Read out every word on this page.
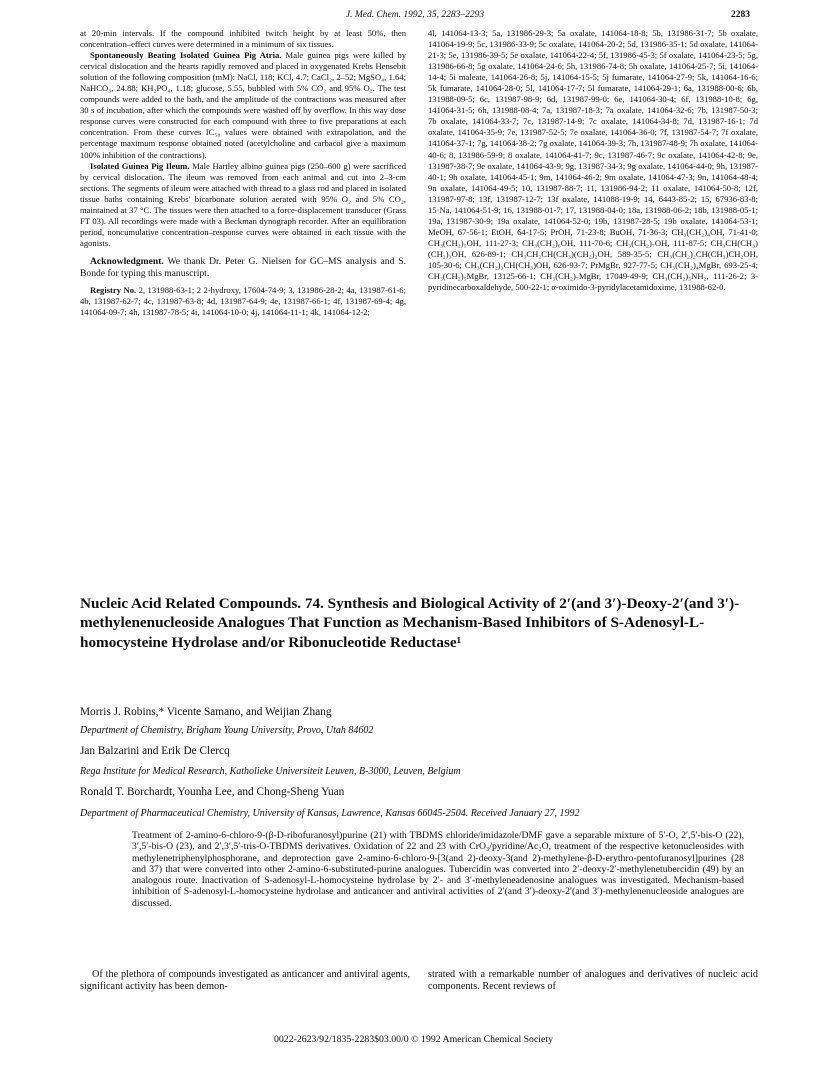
J. Med. Chem. 1992, 35, 2283–2293	2283

at 20-min intervals. If the compound inhibited twitch height by at least 50%, then concentration–effect curves were determined in a minimum of six tissues.

Spontaneously Beating Isolated Guinea Pig Atria. Male guinea pigs were killed by cervical dislocation and the hearts rapidly removed and placed in oxygenated Krebs Hensebit solution of the following composition (mM): NaCl, 118; KCl, 4.7; CaCl₂, 2–52; MgSO₄, 1.64; NaHCO₃, 24.88; KH₂PO₄, 1.18; glucose, 5.55, bubbled with 5% CO₂ and 95% O₂. The test compounds were added to the bath, and the amplitude of the contractions was measured after 30 s of incubation, after which the compounds were washed off by overflow. In this way dose response curves were constructed for each compound with three to five preparations at each concentration. From these curves IC₅₀ values were obtained with extrapolation, and the percentage maximum response obtained noted (acetylcholine and carbacol give a maximum 100% inhibition of the contractions).

Isolated Guinea Pig Ileum. Male Hartley albino guinea pigs (250–600 g) were sacrificed by cervical dislocation. The ileum was removed from each animal and cut into 2–3-cm sections. The segments of ileum were attached with thread to a glass rod and placed in isolated tissue baths containing Krebs' bicarbonate solution aerated with 95% O₂ and 5% CO₂, maintained at 37 °C. The tissues were then attached to a force-displacement transducer (Grass FT 03). All recordings were made with a Beckman dynograph recorder. After an equilibration period, noncumulative concentration–response curves were obtained in each tissue with the agonists.

Acknowledgment. We thank Dr. Peter G. Nielsen for GC–MS analysis and S. Bonde for typing this manuscript.

Registry No. 2, 131988-63-1; 2 2-hydroxy, 17604-74-9; 3, 131986-28-2; 4a, 131987-61-6; 4b, 131987-62-7; 4c, 131987-63-8; 4d, 131987-64-9; 4e, 131987-66-1; 4f, 131987-69-4; 4g, 141064-09-7; 4h, 131987-78-5; 4i, 141064-10-0; 4j, 141064-11-1; 4k, 141064-12-2;

4l, 141064-13-3; 5a, 131986-29-3; 5a oxalate, 141064-18-8; 5b, 131986-31-7; 5b oxalate, 141064-19-9; 5c, 131986-33-9; 5c oxalate, 141064-20-2; 5d, 131986-35-1; 5d oxalate, 141064-21-3; 5e, 131986-39-5; 5e oxalate, 141064-22-4; 5f, 131986-45-3; 5f oxalate, 141064-23-5; 5g, 131986-66-8; 5g oxalate, 141064-24-6; 5h, 131986-74-8; 5h oxalate, 141064-25-7; 5i, 141064-14-4; 5i maleate, 141064-26-8; 5j, 141064-15-5; 5j fumarate, 141064-27-9; 5k, 141064-16-6; 5k fumarate, 141064-28-0; 5l, 141064-17-7; 5l fumarate, 141064-29-1; 6a, 131988-00-6; 6b, 131988-09-5; 6c, 131987-98-9; 6d, 131987-99-0; 6e, 141064-30-4; 6f, 131988-10-8; 6g, 141064-31-5; 6h, 131988-08-4; 7a, 131987-18-3; 7a oxalate, 141064-32-6; 7b, 131987-50-3; 7b oxalate, 141064-33-7; 7c, 131987-14-9; 7c oxalate, 141064-34-8; 7d, 131987-16-1; 7d oxalate, 141064-35-9; 7e, 131987-52-5; 7e oxalate, 141064-36-0; 7f, 131987-54-7; 7f oxalate, 141064-37-1; 7g, 141064-38-2; 7g oxalate, 141064-39-3; 7h, 131987-48-9; 7h oxalate, 141064-40-6; 8, 131986-59-9; 8 oxalate, 141064-41-7; 9c, 131987-46-7; 9c oxalate, 141064-42-8; 9e, 131987-38-7; 9e oxalate, 141064-43-9; 9g, 131987-34-3; 9g oxalate, 141064-44-0; 9h, 131987-40-1; 9h oxalate, 141064-45-1; 9m, 141064-46-2; 9m oxalate, 141064-47-3; 9n, 141064-48-4; 9n oxalate, 141064-49-5; 10, 131987-88-7; 11, 131986-94-2; 11 oxalate, 141064-50-8; 12f, 131987-97-8; 13f, 131987-12-7; 13f oxalate, 141088-19-9; 14, 6443-85-2; 15, 67936-83-8; 15·Na, 141064-51-9; 16, 131988-01-7; 17, 131988-04-0; 18a, 131988-06-2; 18b, 131988-05-1; 19a, 131987-30-9; 19a oxalate, 141064-52-0; 19b, 131987-28-5; 19b oxalate, 141064-53-1; MeOH, 67-56-1; EtOH, 64-17-5; PrOH, 71-23-8; BuOH, 71-36-3; CH₃(CH₂)₄OH, 71-41-0; CH₃(CH₂)₅OH, 111-27-3; CH₃(CH₂)₆OH, 111-70-6; CH₃(CH₂)₇OH, 111-87-5; CH₃CH(CH₃)(CH₂)₃OH, 626-89-1; CH₃CH₂CH(CH₃)(CH₂)₂OH, 589-35-5; CH₃(CH₂)₂CH(CH₃)CH₂OH, 105-30-6; CH₃(CH₂)₃CH(CH₃)OH, 626-93-7; PrMgBr, 927-77-5; CH₃(CH₂)₄MgBr, 693-25-4; CH₃(CH₂)₅MgBr, 13125-66-1; CH₃(CH₂)₇MgBr, 17049-49-9; CH₃(CH₂)₅NH₂, 111-26-2; 3-pyridinecarboxaldehyde, 500-22-1; α-oximido-3-pyridylacetamidoxime, 131988-62-0.

Nucleic Acid Related Compounds. 74. Synthesis and Biological Activity of 2′(and 3′)-Deoxy-2′(and 3′)-methylenenucleoside Analogues That Function as Mechanism-Based Inhibitors of S-Adenosyl-L-homocysteine Hydrolase and/or Ribonucleotide Reductase¹

Morris J. Robins,* Vicente Samano, and Weijian Zhang
Department of Chemistry, Brigham Young University, Provo, Utah 84602
Jan Balzarini and Erik De Clercq
Rega Institute for Medical Research, Katholieke Universiteit Leuven, B-3000, Leuven, Belgium
Ronald T. Borchardt, Younha Lee, and Chong-Sheng Yuan
Department of Pharmaceutical Chemistry, University of Kansas, Lawrence, Kansas 66045-2504. Received January 27, 1992
Treatment of 2-amino-6-chloro-9-(β-D-ribofuranosyl)purine (21) with TBDMS chloride/imidazole/DMF gave a separable mixture of 5′-O, 2′,5′-bis-O (22), 3′,5′-bis-O (23), and 2′,3′,5′-tris-O-TBDMS derivatives. Oxidation of 22 and 23 with CrO₃/pyridine/Ac₂O, treatment of the respective ketonucleosides with methylenetriphenylphosphorane, and deprotection gave 2-amino-6-chloro-9-[3(and 2)-deoxy-3(and 2)-methylene-β-D-erythro-pentofuranosyl]purines (28 and 37) that were converted into other 2-amino-6-substituted-purine analogues. Tubercidin was converted into 2′-deoxy-2′-methylenetubercidin (49) by an analogous route. Inactivation of S-adenosyl-L-homocysteine hydrolase by 2′- and 3′-methyleneadenosine analogues was investigated. Mechanism-based inhibition of S-adenosyl-L-homocysteine hydrolase and anticancer and antiviral activities of 2′(and 3′)-deoxy-2′(and 3′)-methylenenucleoside analogues are discussed.
Of the plethora of compounds investigated as anticancer and antiviral agents, significant activity has been demon-
strated with a remarkable number of analogues and derivatives of nucleic acid components. Recent reviews of
0022-2623/92/1835-2283$03.00/0 © 1992 American Chemical Society
